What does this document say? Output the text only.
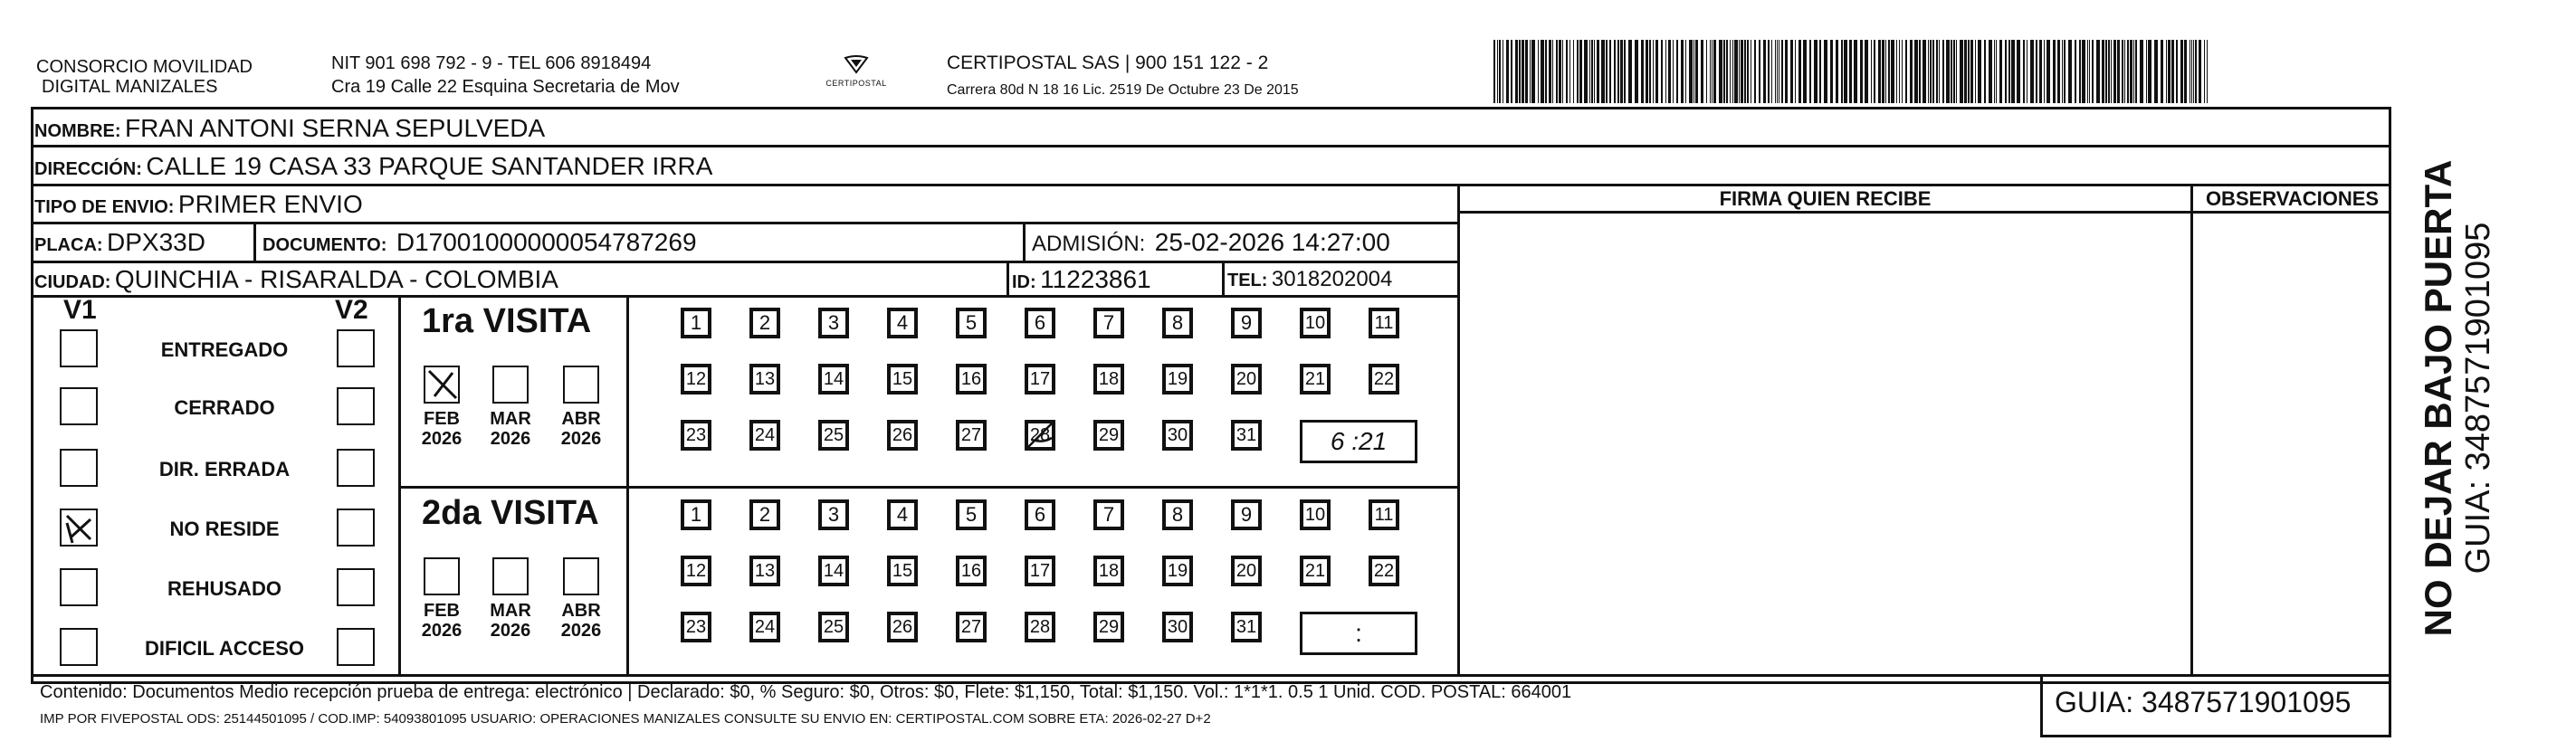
CONSORCIO MOVILIDAD
DIGITAL MANIZALES
NIT 901 698 792 - 9 - TEL 606 8918494
Cra 19 Calle 22 Esquina Secretaria de Mov	CERTIPOSTAL
CERTIPOSTAL SAS | 900 151 122 - 2
Carrera 80d N 18 16 Lic. 2519 De Octubre 23 De 2015
NOMBRE: FRAN ANTONI SERNA SEPULVEDA
DIRECCIÓN: CALLE 19 CASA 33 PARQUE SANTANDER IRRA
TIPO DE ENVIO: PRIMER ENVIO
PLACA: DPX33D	DOCUMENTO: D17001000000054787269	ADMISIÓN: 25-02-2026 14:27:00
CIUDAD: QUINCHIA - RISARALDA - COLOMBIA	ID: 11223861	TEL: 3018202004
FIRMA QUIEN RECIBE	OBSERVACIONES
V1	V2
ENTREGADO
CERRADO
DIR. ERRADA
NO RESIDE
REHUSADO
DIFICIL ACCESO
1ra VISITA
2da VISITA
FEB
2026
MAR
2026
ABR
2026
1	2	3	4	5	6	7	8	9	10	11
12	13	14	15	16	17	18	19	20	21	22
23	24	25	26	27	28	29	30	31	6 :21
FEB
2026
MAR
2026
ABR
2026
1	2	3	4	5	6	7	8	9	10	11
12	13	14	15	16	17	18	19	20	21	22
23	24	25	26	27	28	29	30	31	:
Contenido: Documentos Medio recepción prueba de entrega: electrónico | Declarado: $0, % Seguro: $0, Otros: $0, Flete: $1,150, Total: $1,150. Vol.: 1*1*1. 0.5 1 Unid. COD. POSTAL: 664001
IMP POR FIVEPOSTAL ODS: 25144501095 / COD.IMP: 54093801095 USUARIO: OPERACIONES MANIZALES CONSULTE SU ENVIO EN: CERTIPOSTAL.COM SOBRE ETA: 2026-02-27 D+2
GUIA: 3487571901095
NO DEJAR BAJO PUERTA GUIA: 3487571901095
